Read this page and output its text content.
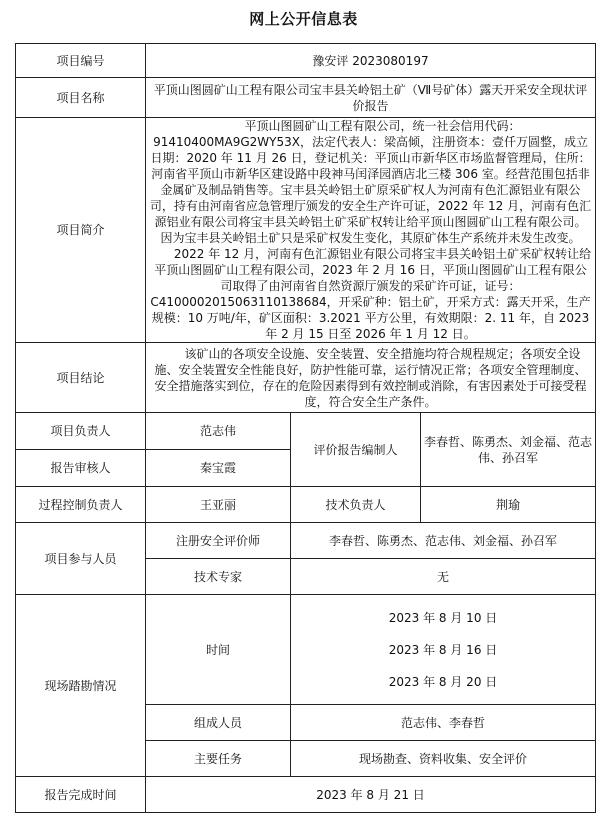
网上公开信息表
项目编号	豫安评 2023080197		
项目名称	平顶山图圆矿山工程有限公司宝丰县关岭铝土矿（Ⅶ号矿体）露天开采安全现状评价报告		
项目简介	平顶山图圆矿山工程有限公司，统一社会信用代码：91410400MA9G2WY53X，法定代表人：梁高倾，注册资本：壹仟万圆整，成立日期：2020 年 11 月 26 日，登记机关：平顶山市新华区市场监督管理局，住所：河南省平顶山市新华区建设路中段神马闰泽园酒店北三楼 306 室。经营范围包括非金属矿及制品销售等。宝丰县关岭铝土矿原采矿权人为河南有色汇源铝业有限公司，持有由河南省应急管理厅颁发的安全生产许可证，2022 年 12 月，河南有色汇源铝业有限公司将宝丰县关岭铝土矿采矿权转让给平顶山图圆矿山工程有限公司。因为宝丰县关岭铝土矿只是采矿权发生变化，其原矿体生产系统并未发生改变。

2022 年 12 月，河南有色汇源铝业有限公司将宝丰县关岭铝土矿采矿权转让给平顶山图圆矿山工程有限公司，2023 年 2 月 16 日，平顶山图圆矿山工程有限公司取得了由河南省自然资源厅颁发的采矿许可证，证号：C4100002015063110138684，开采矿种：铝土矿，开采方式：露天开采，生产规模：10 万吨/年，矿区面积：3.2021 平方公里，有效期限：2. 11 年，自 2023 年 2 月 15 日至 2026 年 1 月 12 日。		

项目结论	该矿山的各项安全设施、安全装置、安全措施均符合规程规定；各项安全设施、安全装置安全性能良好，防护性能可靠，运行情况正常；各项安全管理制度、安全措施落实到位，存在的危险因素得到有效控制或消除，有害因素处于可接受程度，符合安全生产条件。		

项目负责人	范志伟	评价报告编制人	李春哲、陈勇杰、刘金福、范志伟、孙召军
报告审核人	秦宝霞		
过程控制负责人	王亚丽	技术负责人	荆瑜
项目参与人员	注册安全评价师	李春哲、陈勇杰、范志伟、刘金福、孙召军	
	技术专家	无	
现场踏勘情况	时间	2023 年 8 月 10 日
2023 年 8 月 16 日
2023 年 8 月 20 日	

	组成人员	范志伟、李春哲	
	主要任务	现场勘查、资料收集、安全评价	
报告完成时间	2023 年 8 月 21 日		
